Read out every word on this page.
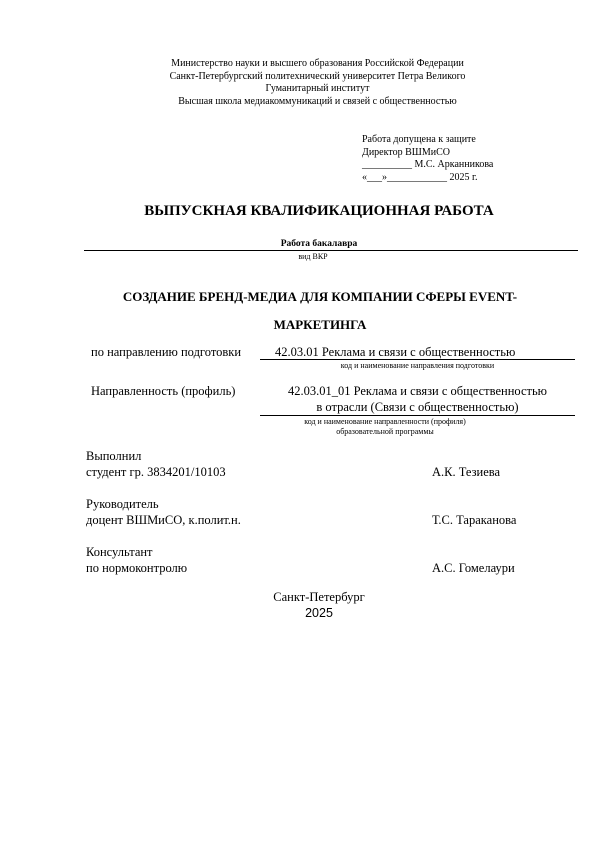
Министерство науки и высшего образования Российской Федерации
Санкт-Петербургский политехнический университет Петра Великого
Гуманитарный институт
Высшая школа медиакоммуникаций и связей с общественностью
Работа допущена к защите
Директор ВШМиСО
__________ М.С. Арканникова
«___»____________ 2025 г.
ВЫПУСКНАЯ КВАЛИФИКАЦИОННАЯ РАБОТА
Работа бакалавра
вид ВКР
СОЗДАНИЕ БРЕНД-МЕДИА ДЛЯ КОМПАНИИ СФЕРЫ EVENT-
МАРКЕТИНГА
по направлению подготовки	42.03.01 Реклама и связи с общественностью
код и наименование направления подготовки
Направленность (профиль)	42.03.01_01 Реклама и связи с общественностью
в отрасли (Связи с общественностью)
код и наименование направленности (профиля)
образовательной программы
Выполнил
студент гр. 3834201/10103	А.К. Тезиева
Руководитель
доцент ВШМиСО, к.полит.н.	Т.С. Тараканова
Консультант
по нормоконтролю	А.С. Гомелаури
Санкт-Петербург
2025
